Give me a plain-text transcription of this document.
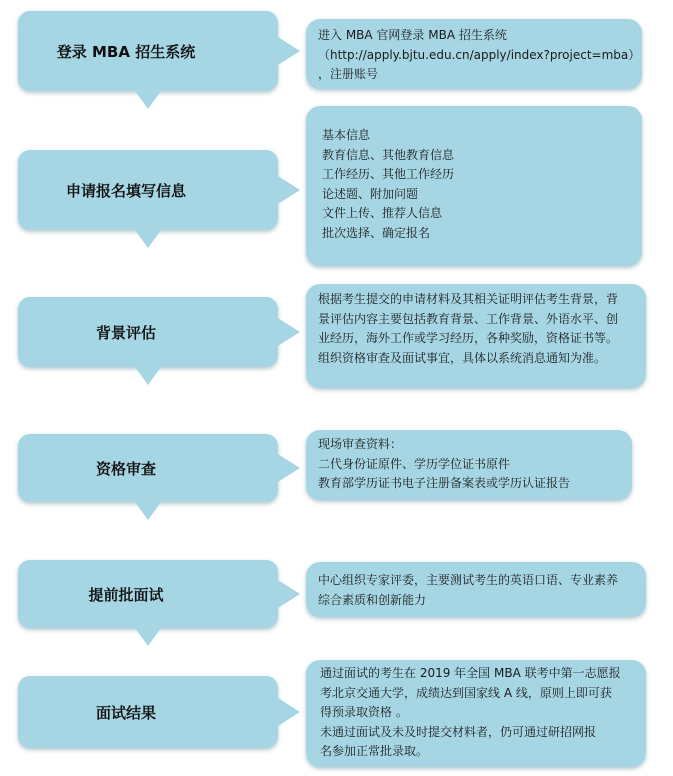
登录 MBA 招生系统
进入 MBA 官网登录 MBA 招生系统
（http://apply.bjtu.edu.cn/apply/index?project=mba）
，注册账号
申请报名填写信息
基本信息
教育信息、其他教育信息
工作经历、其他工作经历
论述题、附加问题
文件上传、推荐人信息
批次选择、确定报名
背景评估
根据考生提交的申请材料及其相关证明评估考生背景，背
景评估内容主要包括教育背景、工作背景、外语水平、创
业经历，海外工作或学习经历，各种奖励，资格证书等。
组织资格审查及面试事宜，具体以系统消息通知为准。
资格审查
现场审查资料：
二代身份证原件、学历学位证书原件
教育部学历证书电子注册备案表或学历认证报告
提前批面试
中心组织专家评委，主要测试考生的英语口语、专业素养
综合素质和创新能力
面试结果
通过面试的考生在 2019 年全国 MBA 联考中第一志愿报
考北京交通大学，成绩达到国家线 A 线，原则上即可获
得预录取资格 。
未通过面试及未及时提交材料者，仍可通过研招网报
名参加正常批录取。
